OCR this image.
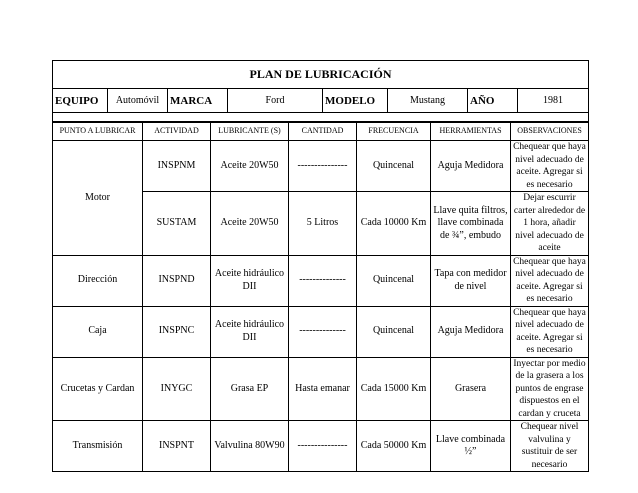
PLAN DE LUBRICACIÓN
EQUIPO	Automóvil	MARCA	Ford	MODELO	Mustang	AÑO	1981

PUNTO A LUBRICAR	ACTIVIDAD	LUBRICANTE (S)	CANTIDAD	FRECUENCIA	HERRAMIENTAS	OBSERVACIONES
Motor	INSPNM	Aceite 20W50	---------------	Quincenal	Aguja Medidora	Chequear que haya nivel adecuado de aceite. Agregar si es necesario
	SUSTAM	Aceite 20W50	5 Litros	Cada 10000 Km	Llave quita filtros, llave combinada de ¾”, embudo	Dejar escurrir carter alrededor de 1 hora, añadir nivel adecuado de aceite
Dirección	INSPND	Aceite hidráulico DII	--------------	Quincenal	Tapa con medidor de nivel	Chequear que haya nivel adecuado de aceite. Agregar si es necesario
Caja	INSPNC	Aceite hidráulico DII	--------------	Quincenal	Aguja Medidora	Chequear que haya nivel adecuado de aceite. Agregar si es necesario
Crucetas y Cardan	INYGC	Grasa EP	Hasta emanar	Cada 15000 Km	Grasera	Inyectar por medio de la grasera a los puntos de engrase dispuestos en el cardan y cruceta
Transmisión	INSPNT	Valvulina 80W90	---------------	Cada 50000 Km	Llave combinada ½”	Chequear nivel valvulina y sustituir de ser necesario
